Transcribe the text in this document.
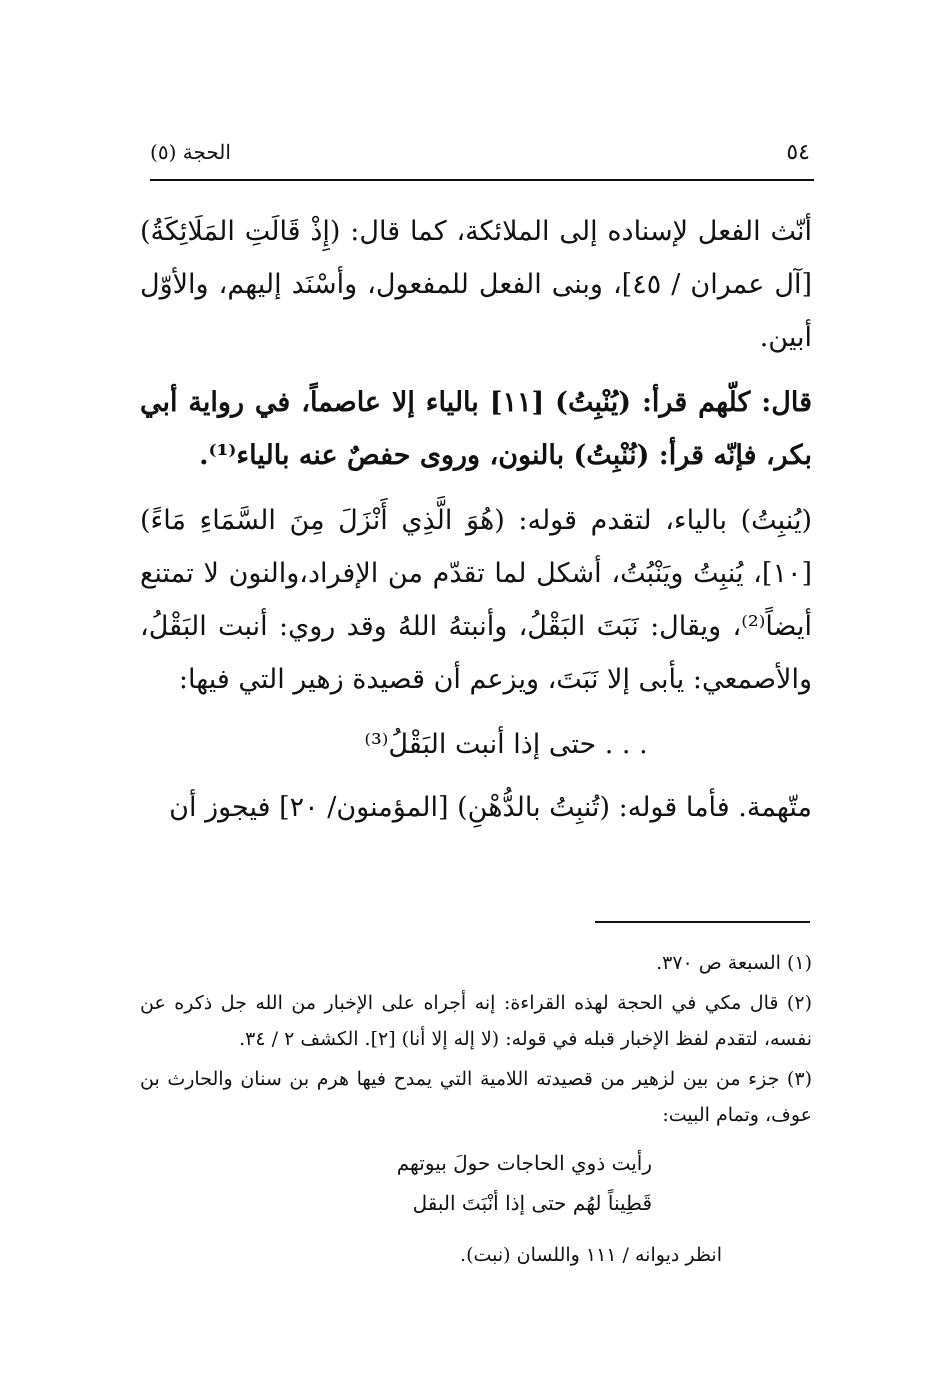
٥٤
الحجة (٥)

أنّث الفعل لإسناده إلى الملائكة، كما قال: (إِذْ قَالَتِ المَلَائِكَةُ) [آل عمران / ٤٥]، وبنى الفعل للمفعول، وأسْنَد إليهم، والأوّل أبين.

قال: كلّهم قرأ: (يُنْبِتُ) [١١] بالياء إلا عاصماً، في رواية أبي بكر، فإنّه قرأ: (نُنْبِتُ) بالنون، وروى حفصٌ عنه بالياء⁽¹⁾.

(يُنبِتُ) بالياء، لتقدم قوله: (هُوَ الَّذِي أَنْزَلَ مِنَ السَّمَاءِ مَاءً) [١٠]، يُنبِتُ ويَنْبُتُ، أشكل لما تقدّم من الإفراد،والنون لا تمتنع أيضاً⁽²⁾، ويقال: نَبَتَ البَقْلُ، وأنبتهُ اللهُ وقد روي: أنبت البَقْلُ، والأصمعي: يأبى إلا نَبَتَ، ويزعم أن قصيدة زهير التي فيها:

. . . حتى إذا أنبت البَقْلُ⁽³⁾

متّهمة. فأما قوله: (تُنبِتُ بالدُّهْنِ) [المؤمنون/ ٢٠] فيجوز أن

(١) السبعة ص ٣٧٠.
(٢) قال مكي في الحجة لهذه القراءة: إنه أجراه على الإخبار من الله جل ذكره عن نفسه، لتقدم لفظ الإخبار قبله في قوله: (لا إله إلا أنا) [٢]. الكشف ٢ / ٣٤.
(٣) جزء من بين لزهير من قصيدته اللامية التي يمدح فيها هرم بن سنان والحارث بن عوف، وتمام البيت:
رأيت ذوي الحاجات حولَ بيوتهم
قَطِيناً لهُم حتى إذا أنْبَتَ البقل
انظر ديوانه / ١١١ واللسان (نبت).
